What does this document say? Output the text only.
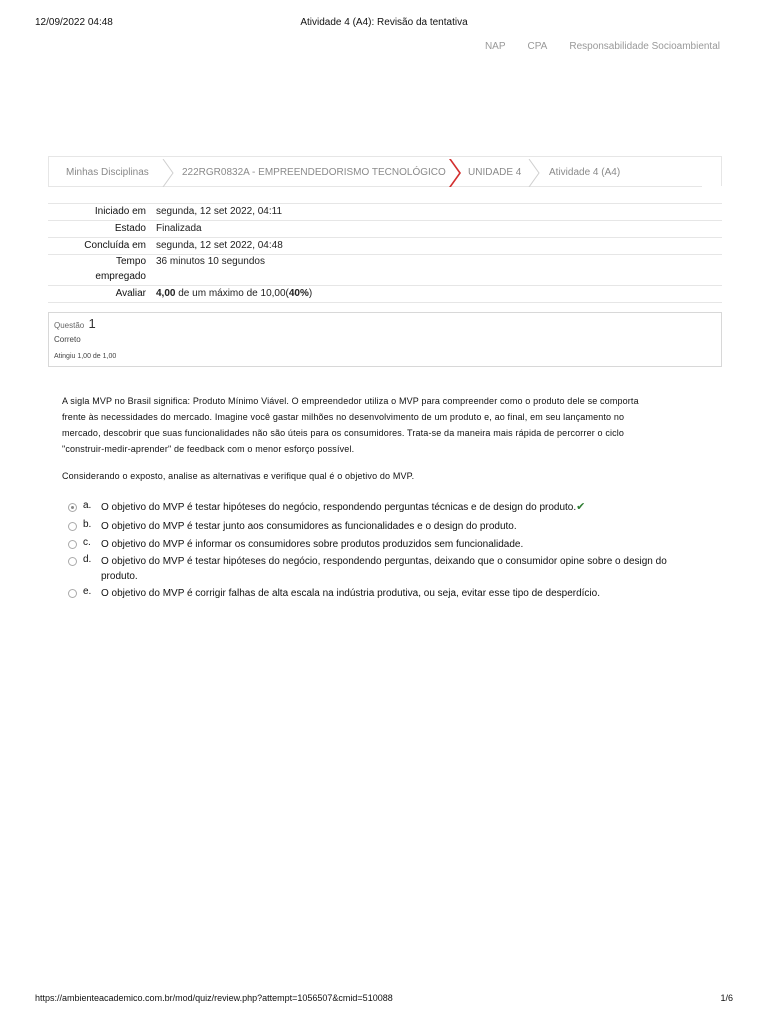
12/09/2022 04:48	Atividade 4 (A4): Revisão da tentativa
NAP CPA Responsabilidade Socioambiental
Minhas Disciplinas	222RGR0832A - EMPREENDEDORISMO TECNOLÓGICO UNIDADE 4	Atividade 4 (A4)
Iniciado em segunda, 12 set 2022, 04:11
Estado Finalizada
Concluída em segunda, 12 set 2022, 04:48
Tempo
empregado
36 minutos 10 segundos
Avaliar 4,00 de um máximo de 10,00(40%)
Questão 1
Correto
Atingiu 1,00 de 1,00
A sigla MVP no Brasil significa: Produto Mínimo Viável. O empreendedor utiliza o MVP para compreender como o produto dele se comporta
frente às necessidades do mercado. Imagine você gastar milhões no desenvolvimento de um produto e, ao final, em seu lançamento no
mercado, descobrir que suas funcionalidades não são úteis para os consumidores. Trata-se da maneira mais rápida de percorrer o ciclo
"construir-medir-aprender" de feedback com o menor esforço possível.
Considerando o exposto, analise as alternativas e verifique qual é o objetivo do MVP.
a. O objetivo do MVP é testar hipóteses do negócio, respondendo perguntas técnicas e de design do produto.✔
b. O objetivo do MVP é testar junto aos consumidores as funcionalidades e o design do produto.
c. O objetivo do MVP é informar os consumidores sobre produtos produzidos sem funcionalidade.
d. O objetivo do MVP é testar hipóteses do negócio, respondendo perguntas, deixando que o consumidor opine sobre o design do produto.
e. O objetivo do MVP é corrigir falhas de alta escala na indústria produtiva, ou seja, evitar esse tipo de desperdício.
https://ambienteacademico.com.br/mod/quiz/review.php?attempt=1056507&cmid=510088	1/6
